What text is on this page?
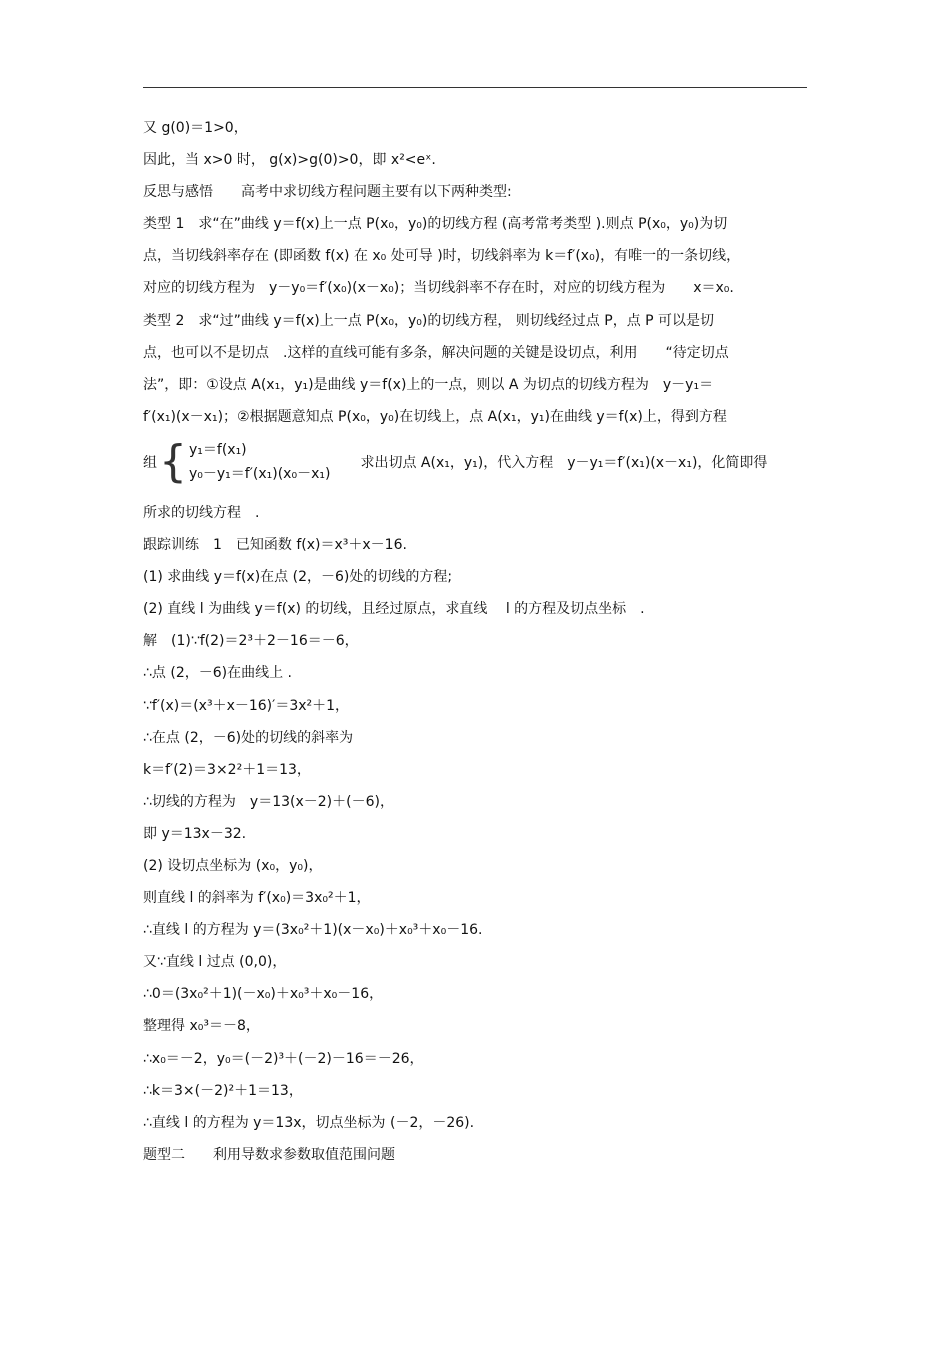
又 g(0)＝1>0，
因此，当 x>0 时， g(x)>g(0)>0，即 x²<eˣ.
反思与感悟　　高考中求切线方程问题主要有以下两种类型:
类型 1　求“在”曲线 y＝f(x)上一点 P(x₀，y₀)的切线方程 (高考常考类型 ).则点 P(x₀，y₀)为切
点，当切线斜率存在 (即函数 f(x) 在 x₀ 处可导 )时，切线斜率为 k＝f′(x₀)，有唯一的一条切线，
对应的切线方程为　y－y₀＝f′(x₀)(x－x₀)；当切线斜率不存在时，对应的切线方程为　　x＝x₀.
类型 2　求“过”曲线 y＝f(x)上一点 P(x₀，y₀)的切线方程， 则切线经过点 P，点 P 可以是切
点，也可以不是切点　.这样的直线可能有多条，解决问题的关键是设切点，利用　　“待定切点
法”，即：①设点 A(x₁，y₁)是曲线 y＝f(x)上的一点，则以 A 为切点的切线方程为　y－y₁＝
f′(x₁)(x－x₁)；②根据题意知点 P(x₀，y₀)在切线上，点 A(x₁，y₁)在曲线 y＝f(x)上，得到方程
组 { y₁＝f(x₁)
y₀－y₁＝f′(x₁)(x₀－x₁)
求出切点 A(x₁，y₁)，代入方程　y－y₁＝f′(x₁)(x－x₁)，化简即得
所求的切线方程　.
跟踪训练　1　已知函数 f(x)＝x³＋x－16.
(1) 求曲线 y＝f(x)在点 (2，－6)处的切线的方程;
(2) 直线 l 为曲线 y＝f(x) 的切线，且经过原点，求直线　 l 的方程及切点坐标　.
解　(1)∵f(2)＝2³＋2－16＝－6，
∴点 (2，－6)在曲线上 .
∵f′(x)＝(x³＋x－16)′＝3x²＋1，
∴在点 (2，－6)处的切线的斜率为
k＝f′(2)＝3×2²＋1＝13，
∴切线的方程为　y＝13(x－2)＋(－6)，
即 y＝13x－32.
(2) 设切点坐标为 (x₀，y₀)，
则直线 l 的斜率为 f′(x₀)＝3x₀²＋1，
∴直线 l 的方程为 y＝(3x₀²＋1)(x－x₀)＋x₀³＋x₀－16.
又∵直线 l 过点 (0,0)，
∴0＝(3x₀²＋1)(－x₀)＋x₀³＋x₀－16，
整理得 x₀³＝－8，
∴x₀＝－2，y₀＝(－2)³＋(－2)－16＝－26，
∴k＝3×(－2)²＋1＝13，
∴直线 l 的方程为 y＝13x，切点坐标为 (－2，－26).
题型二　　利用导数求参数取值范围问题
